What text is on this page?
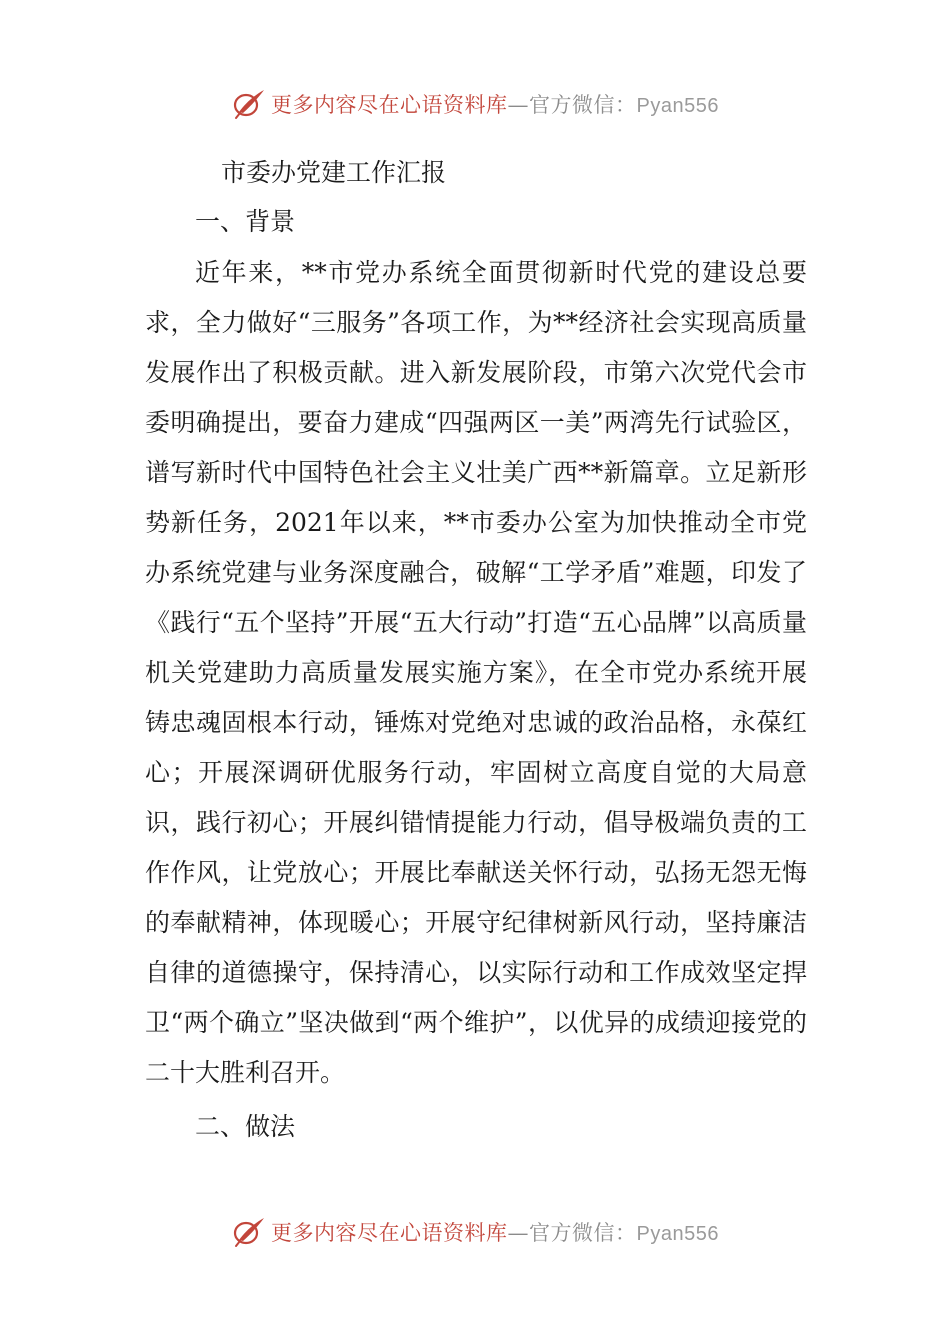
更多内容尽在心语资料库—官方微信：Pyan556
市委办党建工作汇报
一、背景

近年来，**市党办系统全面贯彻新时代党的建设总要求，全力做好“三服务”各项工作，为**经济社会实现高质量发展作出了积极贡献。进入新发展阶段，市第六次党代会市委明确提出，要奋力建成“四强两区一美”两湾先行试验区，谱写新时代中国特色社会主义壮美广西**新篇章。立足新形势新任务，2021年以来，**市委办公室为加快推动全市党办系统党建与业务深度融合，破解“工学矛盾”难题，印发了《践行“五个坚持”开展“五大行动”打造“五心品牌”以高质量机关党建助力高质量发展实施方案》，在全市党办系统开展铸忠魂固根本行动，锤炼对党绝对忠诚的政治品格，永葆红心；开展深调研优服务行动，牢固树立高度自觉的大局意识，践行初心；开展纠错情提能力行动，倡导极端负责的工作作风，让党放心；开展比奉献送关怀行动，弘扬无怨无悔的奉献精神，体现暖心；开展守纪律树新风行动，坚持廉洁自律的道德操守，保持清心，以实际行动和工作成效坚定捍卫“两个确立”坚决做到“两个维护”，以优异的成绩迎接党的二十大胜利召开。

二、做法
更多内容尽在心语资料库—官方微信：Pyan556
